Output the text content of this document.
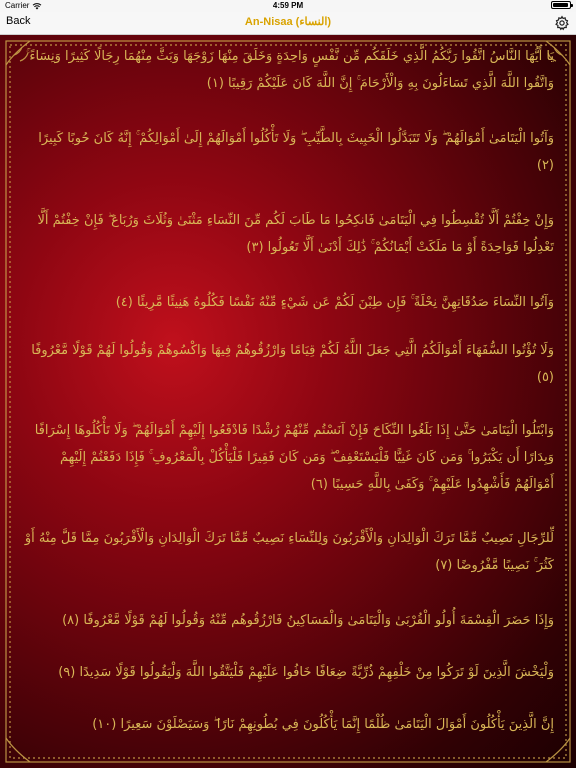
Carrier	4:59 PM
Back	An-Nisaa (النساء)
يَا أَيُّهَا النَّاسُ اتَّقُوا رَبَّكُمُ الَّذِي خَلَقَكُم مِّن نَّفْسٍ وَاحِدَةٍ وَخَلَقَ مِنْهَا زَوْجَهَا وَبَثَّ مِنْهُمَا رِجَالًا كَثِيرًا وَنِسَاءً ۚ وَاتَّقُوا اللَّهَ الَّذِي تَسَاءَلُونَ بِهِ وَالْأَرْحَامَ ۚ إِنَّ اللَّهَ كَانَ عَلَيْكُمْ رَقِيبًا (١)
وَآتُوا الْيَتَامَىٰ أَمْوَالَهُمْ ۖ وَلَا تَتَبَدَّلُوا الْخَبِيثَ بِالطَّيِّبِ ۖ وَلَا تَأْكُلُوا أَمْوَالَهُمْ إِلَىٰ أَمْوَالِكُمْ ۚ إِنَّهُ كَانَ حُوبًا كَبِيرًا (٢)
وَإِنْ خِفْتُمْ أَلَّا تُقْسِطُوا فِي الْيَتَامَىٰ فَانكِحُوا مَا طَابَ لَكُم مِّنَ النِّسَاءِ مَثْنَىٰ وَثُلَاثَ وَرُبَاعَ ۖ فَإِنْ خِفْتُمْ أَلَّا تَعْدِلُوا فَوَاحِدَةً أَوْ مَا مَلَكَتْ أَيْمَانُكُمْ ۚ ذَٰلِكَ أَدْنَىٰ أَلَّا تَعُولُوا (٣)
وَآتُوا النِّسَاءَ صَدُقَاتِهِنَّ نِحْلَةً ۚ فَإِن طِبْنَ لَكُمْ عَن شَيْءٍ مِّنْهُ نَفْسًا فَكُلُوهُ هَنِيئًا مَّرِيئًا (٤)
وَلَا تُؤْتُوا السُّفَهَاءَ أَمْوَالَكُمُ الَّتِي جَعَلَ اللَّهُ لَكُمْ قِيَامًا وَارْزُقُوهُمْ فِيهَا وَاكْسُوهُمْ وَقُولُوا لَهُمْ قَوْلًا مَّعْرُوفًا (٥)
وَابْتَلُوا الْيَتَامَىٰ حَتَّىٰ إِذَا بَلَغُوا النِّكَاحَ فَإِنْ آنَسْتُم مِّنْهُمْ رُشْدًا فَادْفَعُوا إِلَيْهِمْ أَمْوَالَهُمْ ۖ وَلَا تَأْكُلُوهَا إِسْرَافًا وَبِدَارًا أَن يَكْبَرُوا ۚ وَمَن كَانَ غَنِيًّا فَلْيَسْتَعْفِفْ ۖ وَمَن كَانَ فَقِيرًا فَلْيَأْكُلْ بِالْمَعْرُوفِ ۚ فَإِذَا دَفَعْتُمْ إِلَيْهِمْ أَمْوَالَهُمْ فَأَشْهِدُوا عَلَيْهِمْ ۚ وَكَفَىٰ بِاللَّهِ حَسِيبًا (٦)
لِّلرِّجَالِ نَصِيبٌ مِّمَّا تَرَكَ الْوَالِدَانِ وَالْأَقْرَبُونَ وَلِلنِّسَاءِ نَصِيبٌ مِّمَّا تَرَكَ الْوَالِدَانِ وَالْأَقْرَبُونَ مِمَّا قَلَّ مِنْهُ أَوْ كَثُرَ ۚ نَصِيبًا مَّفْرُوضًا (٧)
وَإِذَا حَضَرَ الْقِسْمَةَ أُولُو الْقُرْبَىٰ وَالْيَتَامَىٰ وَالْمَسَاكِينُ فَارْزُقُوهُم مِّنْهُ وَقُولُوا لَهُمْ قَوْلًا مَّعْرُوفًا (٨)
وَلْيَخْشَ الَّذِينَ لَوْ تَرَكُوا مِنْ خَلْفِهِمْ ذُرِّيَّةً ضِعَافًا خَافُوا عَلَيْهِمْ فَلْيَتَّقُوا اللَّهَ وَلْيَقُولُوا قَوْلًا سَدِيدًا (٩)
إِنَّ الَّذِينَ يَأْكُلُونَ أَمْوَالَ الْيَتَامَىٰ ظُلْمًا إِنَّمَا يَأْكُلُونَ فِي بُطُونِهِمْ نَارًا ۖ وَسَيَصْلَوْنَ سَعِيرًا (١٠)
